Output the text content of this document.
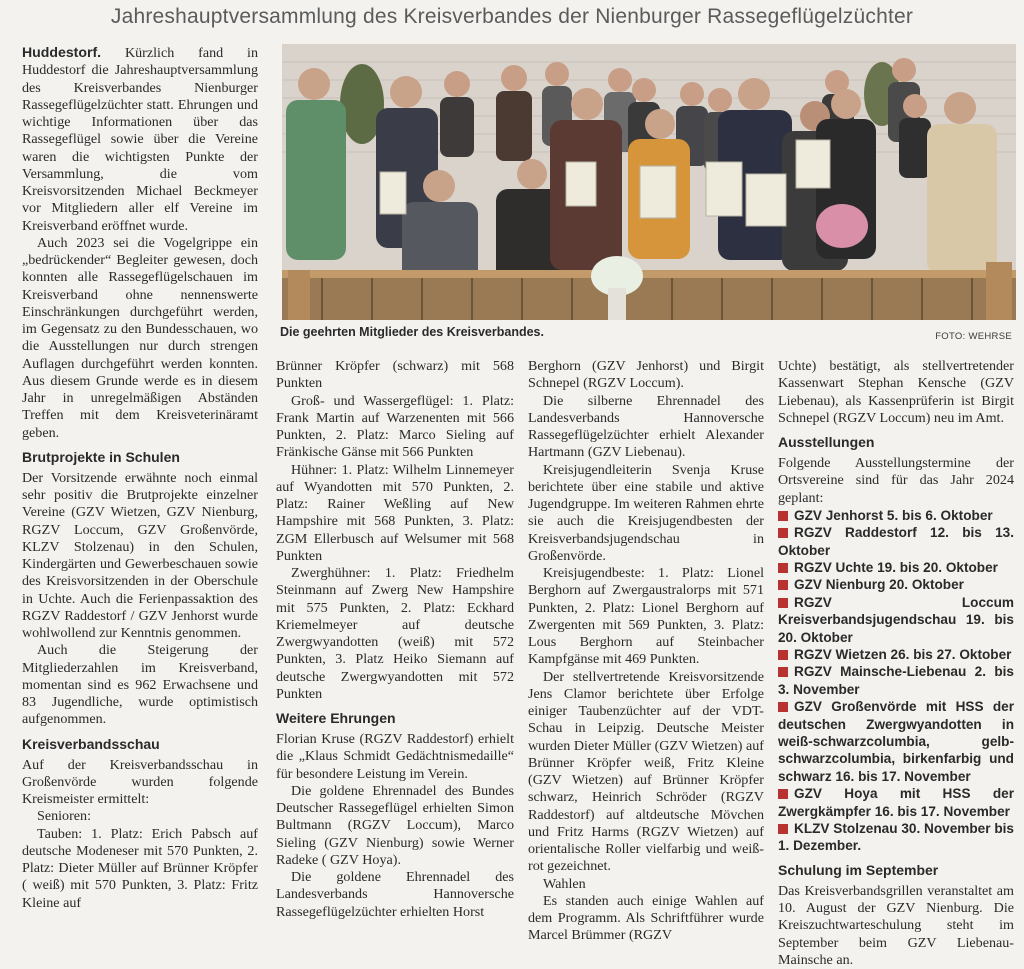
Jahreshauptversammlung des Kreisverbandes der Nienburger Rassegeflügelzüchter

Huddestorf. Kürzlich fand in Huddestorf die Jahreshauptversammlung des Kreisverbandes Nienburger Rassegeflügelzüchter statt. Ehrungen und wichtige Informationen über das Rassegeflügel sowie über die Vereine waren die wichtigsten Punkte der Versammlung, die vom Kreisvorsitzenden Michael Beckmeyer vor Mitgliedern aller elf Vereine im Kreisverband eröffnet wurde.

Auch 2023 sei die Vogelgrippe ein „bedrückender“ Begleiter gewesen, doch konnten alle Rassegeflügelschauen im Kreisverband ohne nennenswerte Einschränkungen durchgeführt werden, im Gegensatz zu den Bundesschauen, wo die Ausstellungen nur durch strengen Auflagen durchgeführt werden konnten. Aus diesem Grunde werde es in diesem Jahr in unregelmäßigen Abständen Treffen mit dem Kreisveterinäramt geben.

Brutprojekte in Schulen

Der Vorsitzende erwähnte noch einmal sehr positiv die Brutprojekte einzelner Vereine (GZV Wietzen, GZV Nienburg, RGZV Loccum, GZV Großenvörde, KLZV Stolzenau) in den Schulen, Kindergärten und Gewerbeschauen sowie des Kreisvorsitzenden in der Oberschule in Uchte. Auch die Ferienpassaktion des RGZV Raddestorf / GZV Jenhorst wurde wohlwollend zur Kenntnis genommen.

Auch die Steigerung der Mitgliederzahlen im Kreisverband, momentan sind es 962 Erwachsene und 83 Jugendliche, wurde optimistisch aufgenommen.

Kreisverbandsschau

Auf der Kreisverbandsschau in Großenvörde wurden folgende Kreismeister ermittelt:

Senioren:

Tauben: 1. Platz: Erich Pabsch auf deutsche Modeneser mit 570 Punkten, 2. Platz: Dieter Müller auf Brünner Kröpfer ( weiß) mit 570 Punkten, 3. Platz: Fritz Kleine auf

Die geehrten Mitglieder des Kreisverbandes.	FOTO: WEHRSE

Brünner Kröpfer (schwarz) mit 568 Punkten

Groß- und Wassergeflügel: 1. Platz: Frank Martin auf Warzenenten mit 566 Punkten, 2. Platz: Marco Sieling auf Fränkische Gänse mit 566 Punkten

Hühner: 1. Platz: Wilhelm Linnemeyer auf Wyandotten mit 570 Punkten, 2. Platz: Rainer Weßling auf New Hampshire mit 568 Punkten, 3. Platz: ZGM Ellerbusch auf Welsumer mit 568 Punkten

Zwerghühner: 1. Platz: Friedhelm Steinmann auf Zwerg New Hampshire mit 575 Punkten, 2. Platz: Eckhard Kriemelmeyer auf deutsche Zwergwyandotten (weiß) mit 572 Punkten, 3. Platz Heiko Siemann auf deutsche Zwergwyandotten mit 572 Punkten

Weitere Ehrungen

Florian Kruse (RGZV Raddestorf) erhielt die „Klaus Schmidt Gedächtnismedaille“ für besondere Leistung im Verein.

Die goldene Ehrennadel des Bundes Deutscher Rassegeflügel erhielten Simon Bultmann (RGZV Loccum), Marco Sieling (GZV Nienburg) sowie Werner Radeke ( GZV Hoya).

Die goldene Ehrennadel des Landesverbands Hannoversche Rassegeflügelzüchter erhielten Horst

Berghorn (GZV Jenhorst) und Birgit Schnepel (RGZV Loccum).

Die silberne Ehrennadel des Landesverbands Hannoversche Rassegeflügelzüchter erhielt Alexander Hartmann (GZV Liebenau).

Kreisjugendleiterin Svenja Kruse berichtete über eine stabile und aktive Jugendgruppe. Im weiteren Rahmen ehrte sie auch die Kreisjugendbesten der Kreisverbandsjugendschau in Großenvörde.

Kreisjugendbeste: 1. Platz: Lionel Berghorn auf Zwergaustralorps mit 571 Punkten, 2. Platz: Lionel Berghorn auf Zwergenten mit 569 Punkten, 3. Platz: Lous Berghorn auf Steinbacher Kampfgänse mit 469 Punkten.

Der stellvertretende Kreisvorsitzende Jens Clamor berichtete über Erfolge einiger Taubenzüchter auf der VDT-Schau in Leipzig. Deutsche Meister wurden Dieter Müller (GZV Wietzen) auf Brünner Kröpfer weiß, Fritz Kleine (GZV Wietzen) auf Brünner Kröpfer schwarz, Heinrich Schröder (RGZV Raddestorf) auf altdeutsche Mövchen und Fritz Harms (RGZV Wietzen) auf orientalische Roller vielfarbig und weiß-rot gezeichnet.

Wahlen

Es standen auch einige Wahlen auf dem Programm. Als Schriftführer wurde Marcel Brümmer (RGZV

Uchte) bestätigt, als stellvertretender Kassenwart Stephan Kensche (GZV Liebenau), als Kassenprüferin ist Birgit Schnepel (RGZV Loccum) neu im Amt.

Ausstellungen

Folgende Ausstellungstermine der Ortsvereine sind für das Jahr 2024 geplant:

GZV Jenhorst 5. bis 6. Oktober

RGZV Raddestorf 12. bis 13. Oktober

RGZV Uchte 19. bis 20. Oktober

GZV Nienburg 20. Oktober

RGZV Loccum Kreisverbandsjugendschau 19. bis 20. Oktober

RGZV Wietzen 26. bis 27. Oktober

RGZV Mainsche-Liebenau 2. bis 3. November

GZV Großenvörde mit HSS der deutschen Zwergwyandotten in weiß-schwarzcolumbia, gelb-schwarzcolumbia, birkenfarbig und schwarz 16. bis 17. November

GZV Hoya mit HSS der Zwergkämpfer 16. bis 17. November

KLZV Stolzenau 30. November bis 1. Dezember.

Schulung im September

Das Kreisverbandsgrillen veranstaltet am 10. August der GZV Nienburg. Die Kreiszuchtwarteschulung steht im September beim GZV Liebenau-Mainsche an.
